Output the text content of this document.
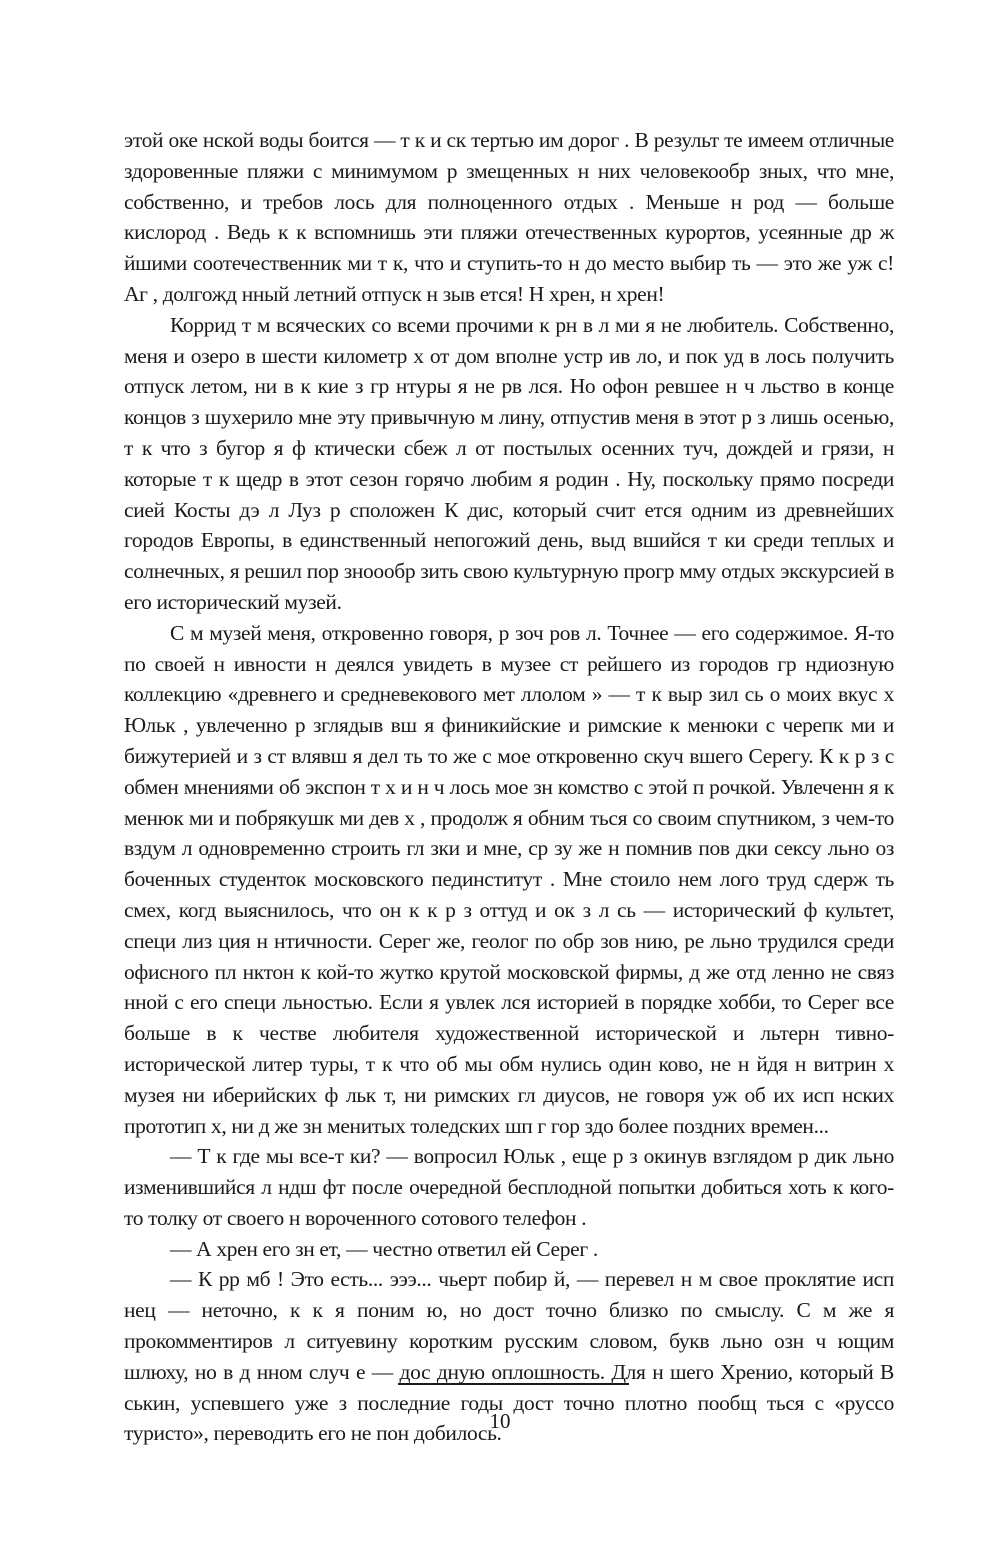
этой оке нской воды боится — т к и ск тертью им дорог . В результ те имеем отличные здоровенные пляжи с минимумом р змещенных н них человекообр зных, что мне, собственно, и требов лось для полноценного отдых . Меньше н род — больше кислород . Ведь к к вспомнишь эти пляжи отечественных курортов, усеянные др ж йшими соотечественник ми т к, что и ступить-то н до место выбир ть — это же уж с! Аг , долгожд нный летний отпуск н зыв ется! Н хрен, н хрен!

Коррид т м всяческих со всеми прочими к рн в л ми я не любитель. Собственно, меня и озеро в шести километр х от дом вполне устр ив ло, и пок уд в лось получить отпуск летом, ни в к кие з гр нтуры я не рв лся. Но офон ревшее н ч льство в конце концов з шухерило мне эту привычную м лину, отпустив меня в этот р з лишь осенью, т к что з бугор я ф ктически сбеж л от постылых осенних туч, дождей и грязи, н которые т к щедр в этот сезон горячо любим я родин . Ну, поскольку прямо посреди сией Косты дэ л Луз р сположен К дис, который счит ется одним из древнейших городов Европы, в единственный непогожий день, выд вшийся т ки среди теплых и солнечных, я решил пор зноообр зить свою культурную прогр мму отдых экскурсией в его исторический музей.

С м музей меня, откровенно говоря, р зоч ров л. Точнее — его содержимое. Я-то по своей н ивности н деялся увидеть в музее ст рейшего из городов гр ндиозную коллекцию «древнего и средневекового мет ллолом » — т к выр зил сь о моих вкус х Юльк , увлеченно р зглядыв вш я финикийские и римские к менюки с черепк ми и бижутерией и з ст влявш я дел ть то же с мое откровенно скуч вшего Серегу. К к р з с обмен мнениями об экспон т х и н ч лось мое зн комство с этой п рочкой. Увлеченн я к менюк ми и побрякушк ми дев х , продолж я обним ться со своим спутником, з чем-то вздум л одновременно строить гл зки и мне, ср зу же н помнив пов дки сексу льно оз боченных студенток московского пединститут . Мне стоило нем лого труд сдерж ть смех, когд выяснилось, что он к к р з оттуд и ок з л сь — исторический ф культет, специ лиз ция н нтичности. Серег же, геолог по обр зов нию, ре льно трудился среди офисного пл нктон к кой-то жутко крутой московской фирмы, д же отд ленно не связ нной с его специ льностью. Если я увлек лся историей в порядке хобби, то Серег все больше в к честве любителя художественной исторической и льтерн тивно-исторической литер туры, т к что об мы обм нулись один ково, не н йдя н витрин х музея ни иберийских ф льк т, ни римских гл диусов, не говоря уж об их исп нских прототип х, ни д же зн менитых толедских шп г гор здо более поздних времен...

— Т к где мы все-т ки? — вопросил Юльк , еще р з окинув взглядом р дик льно изменившийся л ндш фт после очередной бесплодной попытки добиться хоть к кого-то толку от своего н вороченного сотового телефон .

— А хрен его зн ет, — честно ответил ей Серег .

— К рр мб ! Это есть... эээ... чьерт побир й, — перевел н м свое проклятие исп нец — неточно, к к я поним ю, но дост точно близко по смыслу. С м же я прокомментиров л ситуевину коротким русским словом, букв льно озн ч ющим шлюху, но в д нном случ е — дос дную оплошность. Для н шего Хренио, который В ськин, успевшего уже з последние годы дост точно плотно пообщ ться с «руссо туристо», переводить его не пон добилось.

10
